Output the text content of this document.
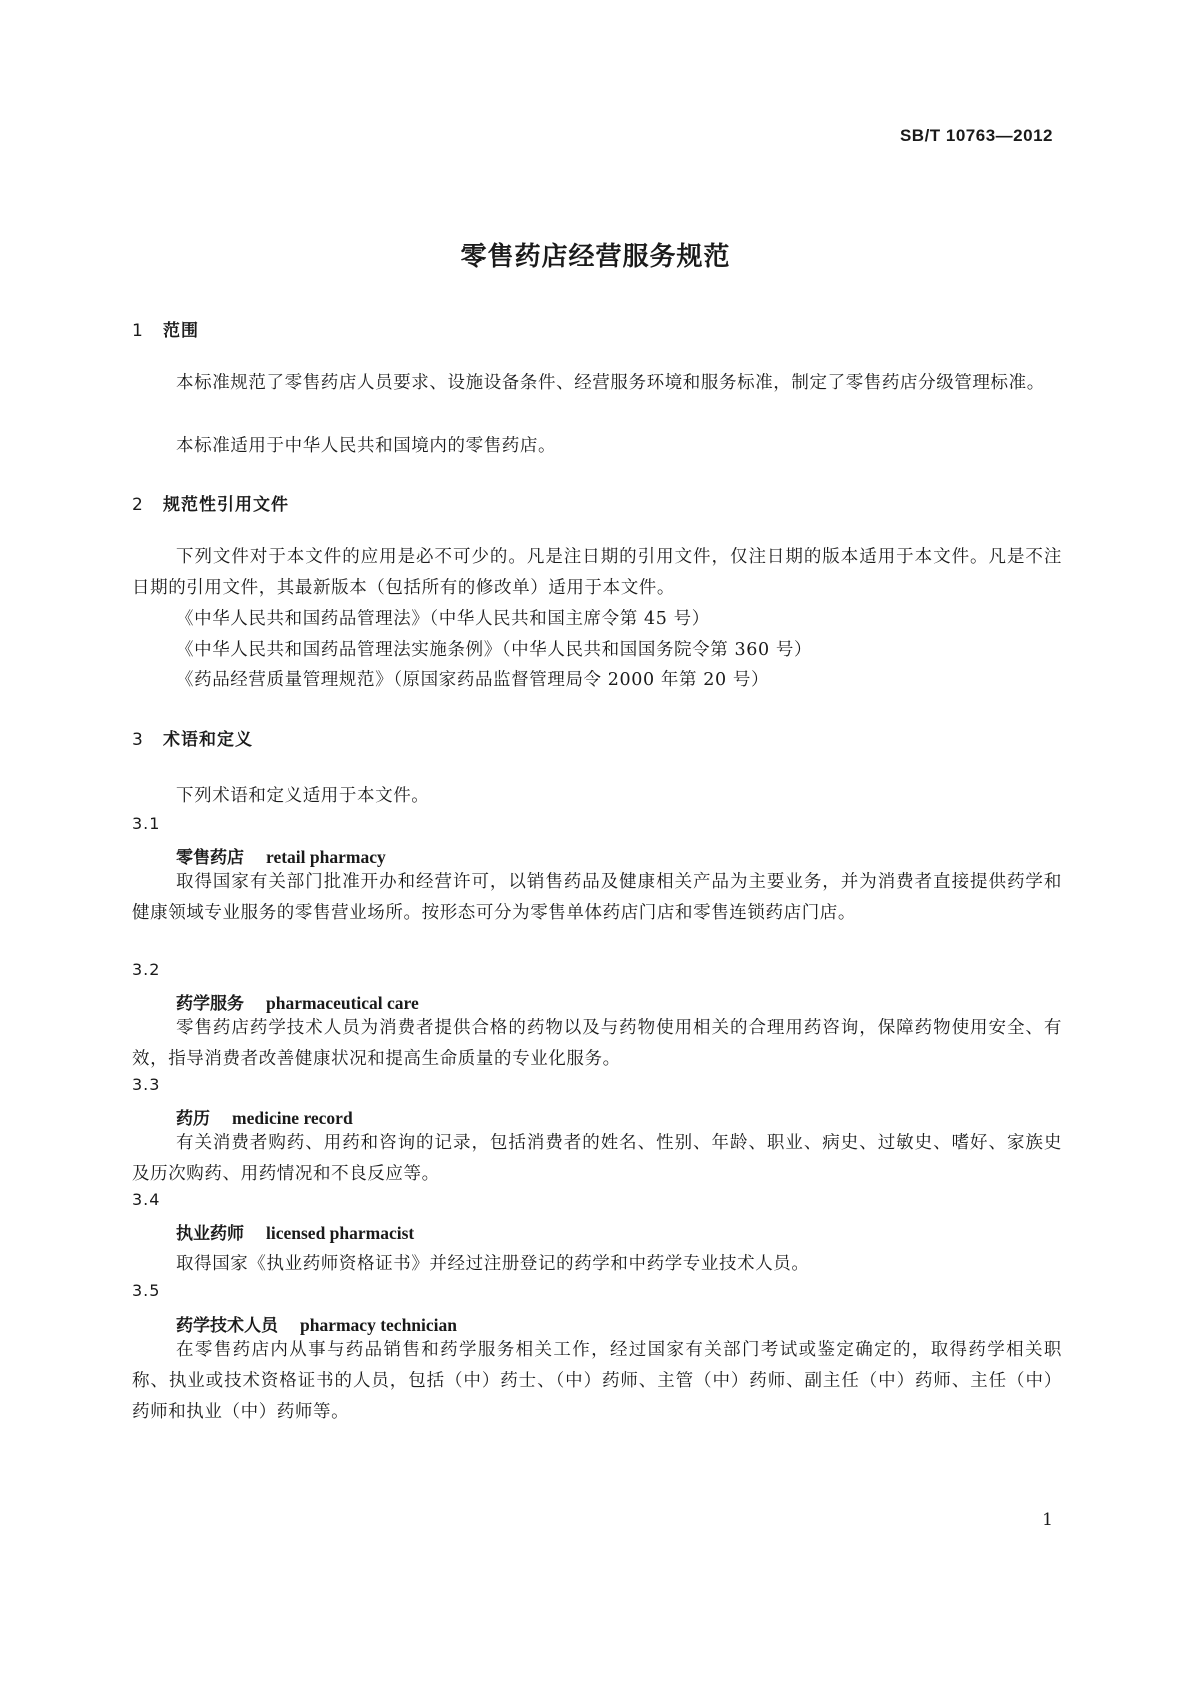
SB/T 10763—2012
零售药店经营服务规范
1 范围
本标准规范了零售药店人员要求、设施设备条件、经营服务环境和服务标准，制定了零售药店分级管理标准。
本标准适用于中华人民共和国境内的零售药店。
2 规范性引用文件
下列文件对于本文件的应用是必不可少的。凡是注日期的引用文件，仅注日期的版本适用于本文件。凡是不注日期的引用文件，其最新版本（包括所有的修改单）适用于本文件。
《中华人民共和国药品管理法》（中华人民共和国主席令第 45 号）
《中华人民共和国药品管理法实施条例》（中华人民共和国国务院令第 360 号）
《药品经营质量管理规范》（原国家药品监督管理局令 2000 年第 20 号）
3 术语和定义
下列术语和定义适用于本文件。
3.1
零售药店 retail pharmacy
取得国家有关部门批准开办和经营许可，以销售药品及健康相关产品为主要业务，并为消费者直接提供药学和健康领域专业服务的零售营业场所。按形态可分为零售单体药店门店和零售连锁药店门店。
3.2
药学服务 pharmaceutical care
零售药店药学技术人员为消费者提供合格的药物以及与药物使用相关的合理用药咨询，保障药物使用安全、有效，指导消费者改善健康状况和提高生命质量的专业化服务。
3.3
药历 medicine record
有关消费者购药、用药和咨询的记录，包括消费者的姓名、性别、年龄、职业、病史、过敏史、嗜好、家族史及历次购药、用药情况和不良反应等。
3.4
执业药师 licensed pharmacist
取得国家《执业药师资格证书》并经过注册登记的药学和中药学专业技术人员。
3.5
药学技术人员 pharmacy technician
在零售药店内从事与药品销售和药学服务相关工作，经过国家有关部门考试或鉴定确定的，取得药学相关职称、执业或技术资格证书的人员，包括（中）药士、（中）药师、主管（中）药师、副主任（中）药师、主任（中）药师和执业（中）药师等。
1
